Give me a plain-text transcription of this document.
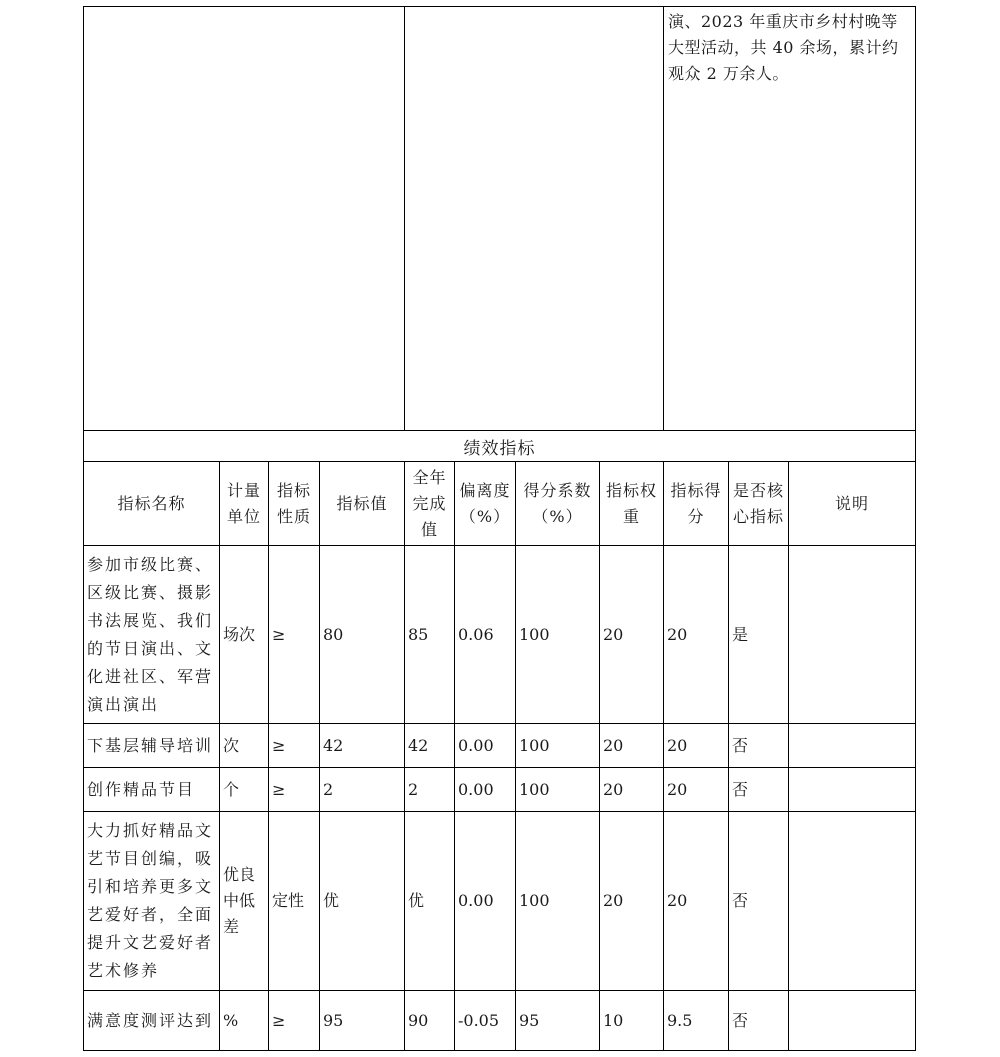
		演、2023 年重庆市乡村村晚等大型活动，共 40 余场，累计约观众 2 万余人。
绩效指标										
指标名称	计量单位	指标性质	指标值	全年完成值	偏离度（%）	得分系数（%）	指标权重	指标得分	是否核心指标	说明
参加市级比赛、区级比赛、摄影书法展览、我们的节日演出、文化进社区、军营演出演出	场次	≥	80	85	0.06	100	20	20	是	
下基层辅导培训	次	≥	42	42	0.00	100	20	20	否	
创作精品节目	个	≥	2	2	0.00	100	20	20	否	
大力抓好精品文艺节目创编，吸引和培养更多文艺爱好者，全面提升文艺爱好者艺术修养	优良中低差	定性	优	优	0.00	100	20	20	否	
满意度测评达到	%	≥	95	90	-0.05	95	10	9.5	否	
